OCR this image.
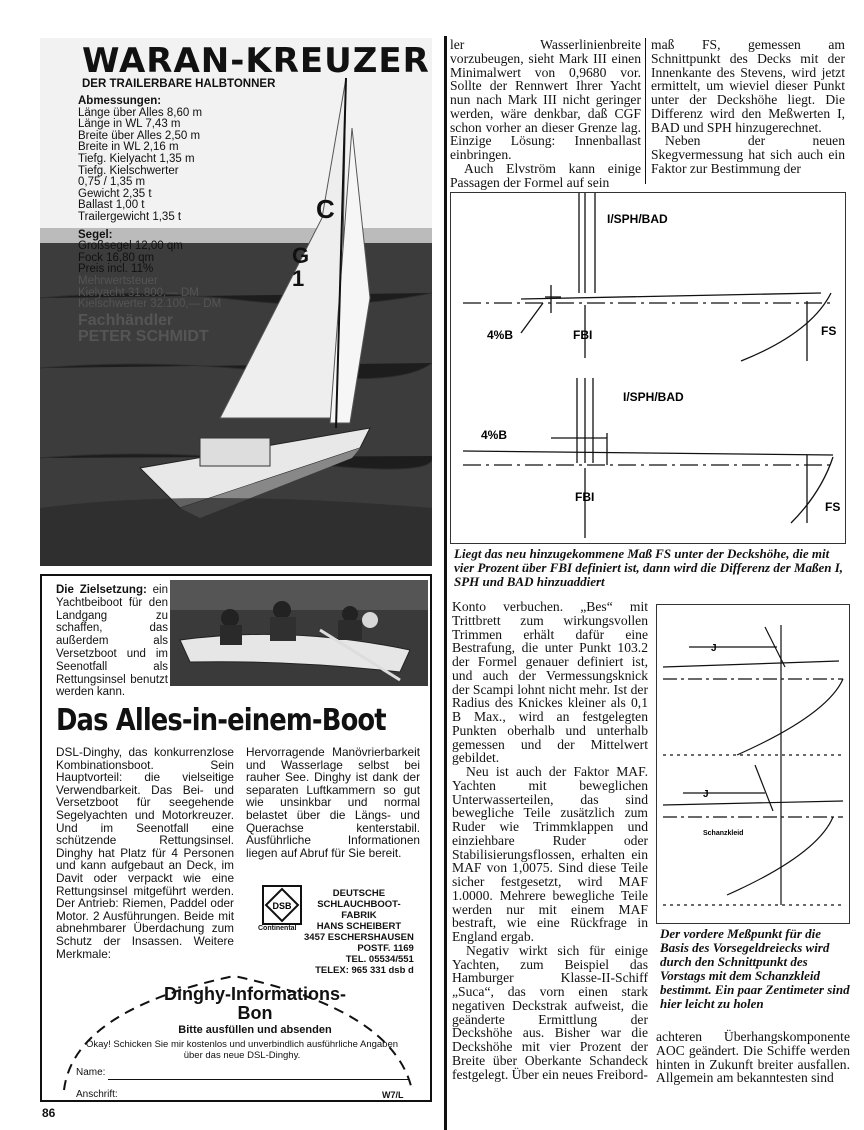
C
G
1
WARAN-KREUZER
DER TRAILERBARE HALBTONNER
Abmessungen:
Länge über Alles 8,60 m
Länge in WL 7,43 m
Breite über Alles 2,50 m
Breite in WL 2,16 m
Tiefg. Kielyacht 1,35 m
Tiefg. Kielschwerter
0,75 / 1,35 m
Gewicht 2,35 t
Ballast 1,00 t
Trailergewicht 1,35 t
Segel:
Großsegel 12,00 qm
Fock 16,80 qm
Preis incl. 11%
Mehrwertsteuer
Kielyacht 31.800,— DM
Kielschwerter 32.100,— DM
Fachhändler
PETER SCHMIDT
Die Zielsetzung: ein Yachtbeiboot für den Landgang zu schaffen, das außerdem als Versetzboot und im Seenotfall als Rettungsinsel benutzt werden kann.
Das Alles-in-einem-Boot
DSL-Dinghy, das konkurrenzlose Kombinationsboot. Sein Hauptvorteil: die vielseitige Verwendbarkeit. Das Bei- und Versetzboot für seegehende Segelyachten und Motorkreuzer. Und im Seenotfall eine schützende Rettungsinsel. Dinghy hat Platz für 4 Personen und kann aufgebaut an Deck, im Davit oder verpackt wie eine Rettungsinsel mitgeführt werden. Der Antrieb: Riemen, Paddel oder Motor. 2 Ausführungen. Beide mit abnehmbarer Überdachung zum Schutz der Insassen. Weitere Merkmale:
Hervorragende Manövrierbarkeit und Wasserlage selbst bei rauher See. Dinghy ist dank der separaten Luftkammern so gut wie unsinkbar und normal belastet über die Längs- und Querachse kenterstabil. Ausführliche Informationen liegen auf Abruf für Sie bereit.
DSB
Continental
DEUTSCHE
SCHLAUCHBOOT-
FABRIK
HANS SCHEIBERT
3457 ESCHERSHAUSEN
POSTF. 1169
TEL. 05534/551
TELEX: 965 331 dsb d
Dinghy-Informations-Bon
Bitte ausfüllen und absenden
Okay! Schicken Sie mir kostenlos und unverbindlich ausführliche Angaben über das neue DSL-Dinghy.
Name:
Anschrift:	W7/L
86

ler Wasserlinienbreite vorzubeugen, sieht Mark III einen Minimalwert von 0,9680 vor. Sollte der Rennwert Ihrer Yacht nun nach Mark III nicht geringer werden, wäre denkbar, daß CGF schon vorher an dieser Grenze lag. Einzige Lösung: Innenballast einbringen.

Auch Elvström kann einige Passagen der Formel auf sein

maß FS, gemessen am Schnittpunkt des Decks mit der Innenkante des Stevens, wird jetzt ermittelt, um wieviel dieser Punkt unter der Deckshöhe liegt. Die Differenz wird den Meßwerten I, BAD und SPH hinzugerechnet.

Neben der neuen Skegvermessung hat sich auch ein Faktor zur Bestimmung der

I/SPH/BAD
4%B	FBI	FS
I/SPH/BAD
4%B
FBI
FS
Liegt das neu hinzugekommene Maß FS unter der Deckshöhe, die mit vier Prozent über FBI definiert ist, dann wird die Differenz der Maßen I, SPH und BAD hinzuaddiert

Konto verbuchen. „Bes“ mit Trittbrett zum wirkungsvollen Trimmen erhält dafür eine Bestrafung, die unter Punkt 103.2 der Formel genauer definiert ist, und auch der Vermessungsknick der Scampi lohnt nicht mehr. Ist der Radius des Knickes kleiner als 0,1 B Max., wird an festgelegten Punkten oberhalb und unterhalb gemessen und der Mittelwert gebildet.

Neu ist auch der Faktor MAF. Yachten mit beweglichen Unterwasserteilen, das sind bewegliche Teile zusätzlich zum Ruder wie Trimmklappen und einziehbare Ruder oder Stabilisierungsflossen, erhalten ein MAF von 1,0075. Sind diese Teile sicher festgesetzt, wird MAF 1.0000. Mehrere bewegliche Teile werden nur mit einem MAF bestraft, wie eine Rückfrage in England ergab.

Negativ wirkt sich für einige Yachten, zum Beispiel das Hamburger Klasse-II-Schiff „Suca“, das vorn einen stark negativen Deckstrak aufweist, die geänderte Ermittlung der Deckshöhe aus. Bisher war die Deckshöhe mit vier Prozent der Breite über Oberkante Schandeck festgelegt. Über ein neues Freibord-

J
J
Schanzkleid
Der vordere Meßpunkt für die Basis des Vorsegeldreiecks wird durch den Schnittpunkt des Vorstags mit dem Schanzkleid bestimmt. Ein paar Zentimeter sind hier leicht zu holen

achteren Überhangskomponente AOC geändert. Die Schiffe werden hinten in Zukunft breiter ausfallen. Allgemein am bekanntesten sind
